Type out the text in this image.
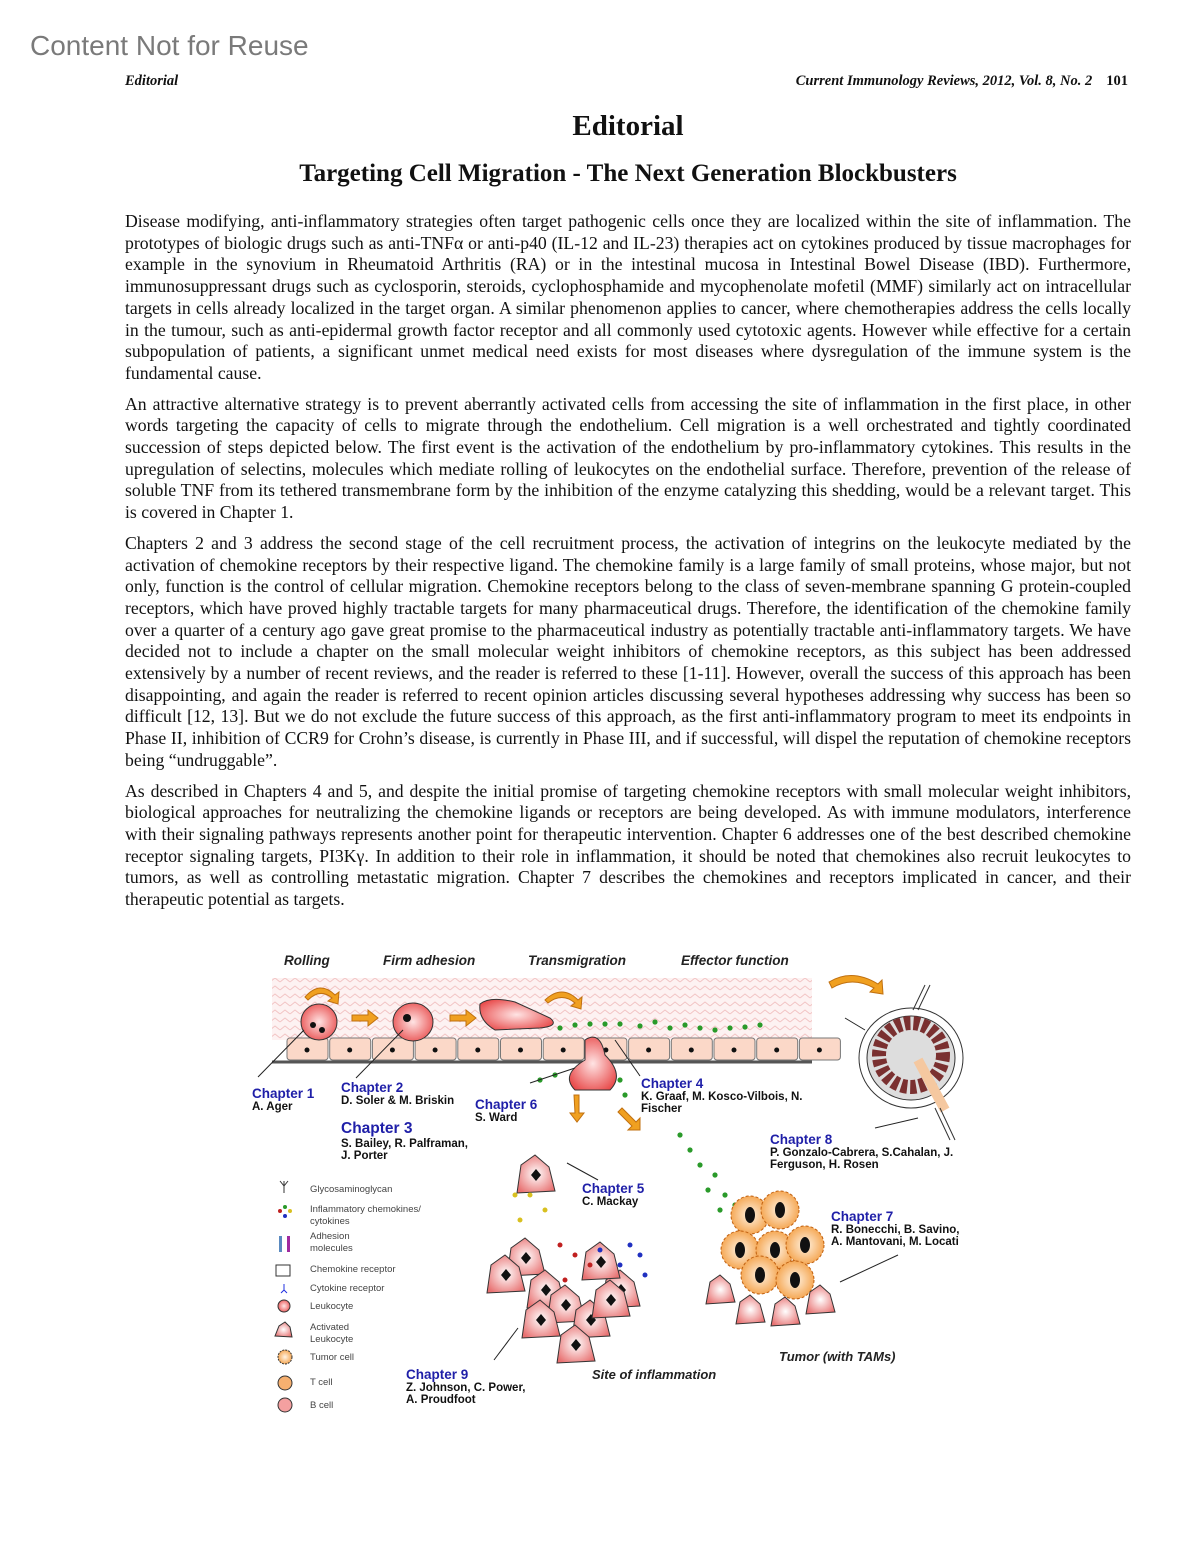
Content Not for Reuse
Editorial	Current Immunology Reviews, 2012, Vol. 8, No. 2 101
Editorial
Targeting Cell Migration - The Next Generation Blockbusters

Disease modifying, anti-inflammatory strategies often target pathogenic cells once they are localized within the site of inflammation. The prototypes of biologic drugs such as anti-TNFα or anti-p40 (IL-12 and IL-23) therapies act on cytokines produced by tissue macrophages for example in the synovium in Rheumatoid Arthritis (RA) or in the intestinal mucosa in Intestinal Bowel Disease (IBD). Furthermore, immunosuppressant drugs such as cyclosporin, steroids, cyclophosphamide and mycophenolate mofetil (MMF) similarly act on intracellular targets in cells already localized in the target organ. A similar phenomenon applies to cancer, where chemotherapies address the cells locally in the tumour, such as anti-epidermal growth factor receptor and all commonly used cytotoxic agents. However while effective for a certain subpopulation of patients, a significant unmet medical need exists for most diseases where dysregulation of the immune system is the fundamental cause.

An attractive alternative strategy is to prevent aberrantly activated cells from accessing the site of inflammation in the first place, in other words targeting the capacity of cells to migrate through the endothelium. Cell migration is a well orchestrated and tightly coordinated succession of steps depicted below. The first event is the activation of the endothelium by pro-inflammatory cytokines. This results in the upregulation of selectins, molecules which mediate rolling of leukocytes on the endothelial surface. Therefore, prevention of the release of soluble TNF from its tethered transmembrane form by the inhibition of the enzyme catalyzing this shedding, would be a relevant target. This is covered in Chapter 1.

Chapters 2 and 3 address the second stage of the cell recruitment process, the activation of integrins on the leukocyte mediated by the activation of chemokine receptors by their respective ligand. The chemokine family is a large family of small proteins, whose major, but not only, function is the control of cellular migration. Chemokine receptors belong to the class of seven-membrane spanning G protein-coupled receptors, which have proved highly tractable targets for many pharmaceutical drugs. Therefore, the identification of the chemokine family over a quarter of a century ago gave great promise to the pharmaceutical industry as potentially tractable anti-inflammatory targets. We have decided not to include a chapter on the small molecular weight inhibitors of chemokine receptors, as this subject has been addressed extensively by a number of recent reviews, and the reader is referred to these [1-11]. However, overall the success of this approach has been disappointing, and again the reader is referred to recent opinion articles discussing several hypotheses addressing why success has been so difficult [12, 13]. But we do not exclude the future success of this approach, as the first anti-inflammatory program to meet its endpoints in Phase II, inhibition of CCR9 for Crohn’s disease, is currently in Phase III, and if successful, will dispel the reputation of chemokine receptors being “undruggable”.

As described in Chapters 4 and 5, and despite the initial promise of targeting chemokine receptors with small molecular weight inhibitors, biological approaches for neutralizing the chemokine ligands or receptors are being developed. As with immune modulators, interference with their signaling pathways represents another point for therapeutic intervention. Chapter 6 addresses one of the best described chemokine receptor signaling targets, PI3Kγ. In addition to their role in inflammation, it should be noted that chemokines also recruit leukocytes to tumors, as well as controlling metastatic migration. Chapter 7 describes the chemokines and receptors implicated in cancer, and their therapeutic potential as targets.

Rolling	Firm adhesion	Transmigration	Effector function
Chapter 1
A. Ager
Chapter 2
D. Soler & M. Briskin
Chapter 3
S. Bailey, R. Palframan,
J. Porter
Chapter 4
K. Graaf, M. Kosco-Vilbois, N.
Fischer
Chapter 5
C. Mackay
Chapter 6
S. Ward
Chapter 7
R. Bonecchi, B. Savino,
A. Mantovani, M. Locati
Chapter 8
P. Gonzalo-Cabrera, S.Cahalan, J.
Ferguson, H. Rosen
Chapter 9
Z. Johnson, C. Power,
A. Proudfoot
Site of inflammation
Tumor (with TAMs)
Glycosaminoglycan
Inflammatory chemokines/
cytokines
Adhesion
molecules
Chemokine receptor
Cytokine receptor
Leukocyte
Activated
Leukocyte
Tumor cell
T cell
B cell
